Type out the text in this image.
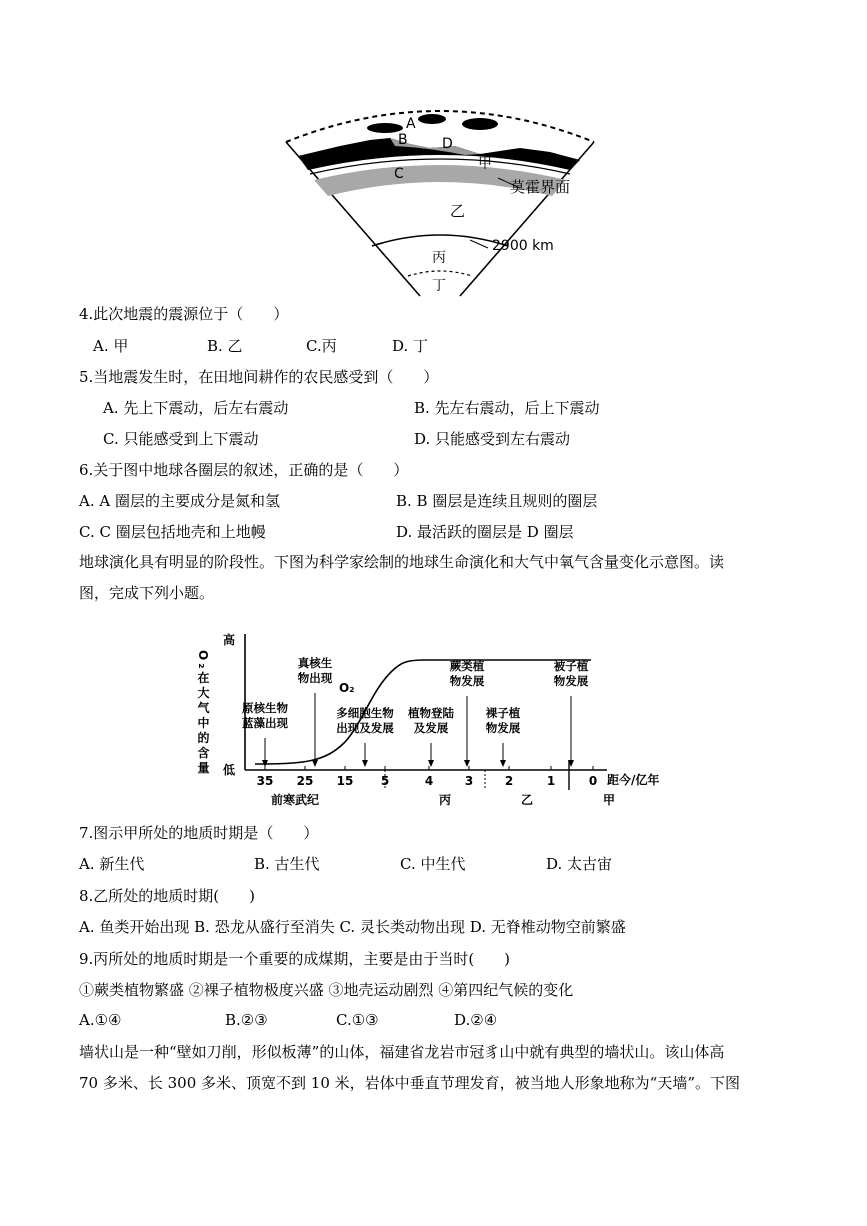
A
B D
甲
C
乙
丙
丁
莫霍界面
2900 km
4.此次地震的震源位于（　　）
A. 甲	B. 乙	C.丙	D. 丁
5.当地震发生时，在田地间耕作的农民感受到（　　）
A. 先上下震动，后左右震动	B. 先左右震动，后上下震动
C. 只能感受到上下震动	D. 只能感受到左右震动
6.关于图中地球各圈层的叙述，正确的是（　　）
A. A 圈层的主要成分是氮和氢	B. B 圈层是连续且规则的圈层
C. C 圈层包括地壳和上地幔	D. 最活跃的圈层是 D 圈层
地球演化具有明显的阶段性。下图为科学家绘制的地球生命演化和大气中氧气含量变化示意图。读
图，完成下列小题。
高
低
O₂在大气中的含量	O₂
距今/亿年
35 25 15 5	4	3	2	1	0
原核生物
蓝藻出现
真核生
物出现
多细胞生物
出现及发展
植物登陆
及发展
蕨类植
物发展
裸子植
物发展
被子植
物发展
前寒武纪	丙	乙	甲
7.图示甲所处的地质时期是（　　）
A. 新生代	B. 古生代	C. 中生代	D. 太古宙
8.乙所处的地质时期(　　)
A. 鱼类开始出现 B. 恐龙从盛行至消失 C. 灵长类动物出现 D. 无脊椎动物空前繁盛
9.丙所处的地质时期是一个重要的成煤期，主要是由于当时(　　)
①蕨类植物繁盛 ②裸子植物极度兴盛 ③地壳运动剧烈 ④第四纪气候的变化
A.①④	B.②③	C.①③	D.②④
墙状山是一种“壁如刀削，形似板薄”的山体，福建省龙岩市冠豸山中就有典型的墙状山。该山体高
70 多米、长 300 多米、顶宽不到 10 米，岩体中垂直节理发育，被当地人形象地称为“天墙”。下图
